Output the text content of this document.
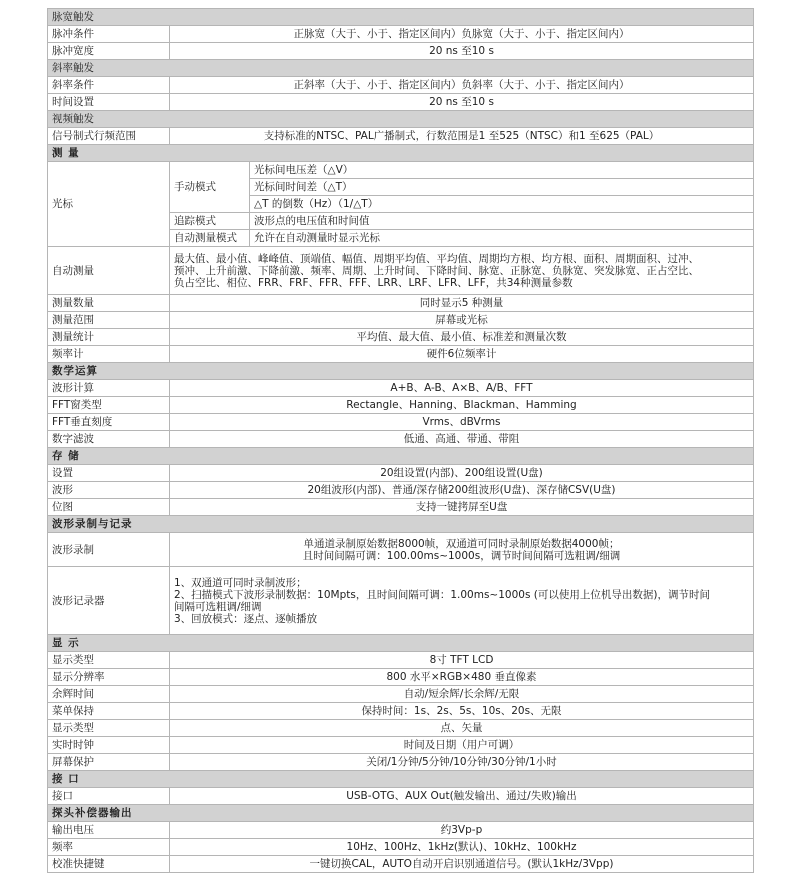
脉宽触发		
脉冲条件	正脉宽（大于、小于、指定区间内）负脉宽（大于、小于、指定区间内）	
脉冲宽度	20 ns 至10 s	
斜率触发		
斜率条件	正斜率（大于、小于、指定区间内）负斜率（大于、小于、指定区间内）	
时间设置	20 ns 至10 s	
视频触发		
信号制式行频范围	支持标准的NTSC、PAL广播制式，行数范围是1 至525（NTSC）和1 至625（PAL）	
测 量		
光标	手动模式	光标间电压差（△V）
		光标间时间差（△T）
		△T 的倒数（Hz）（1/△T）
	追踪模式	波形点的电压值和时间值
	自动测量模式	允许在自动测量时显示光标
自动测量	最大值、最小值、峰峰值、顶端值、幅值、周期平均值、平均值、周期均方根、均方根、面积、周期面积、过冲、
预冲、上升前激、下降前激、频率、周期、上升时间、下降时间、脉宽、正脉宽、负脉宽、突发脉宽、正占空比、
负占空比、相位、FRR、FRF、FFR、FFF、LRR、LRF、LFR、LFF，共34种测量参数	

测量数量	同时显示5 种测量	
测量范围	屏幕或光标	
测量统计	平均值、最大值、最小值、标准差和测量次数	
频率计	硬件6位频率计	
数学运算		
波形计算	A+B、A-B、A×B、A/B、FFT	
FFT窗类型	Rectangle、Hanning、Blackman、Hamming	
FFT垂直刻度	Vrms、dBVrms	
数字滤波	低通、高通、带通、带阻	
存 储		
设置	20组设置(内部)、200组设置(U盘)	
波形	20组波形(内部)、普通/深存储200组波形(U盘)、深存储CSV(U盘)	
位图	支持一键拷屏至U盘	
波形录制与记录		
波形录制	单通道录制原始数据8000帧，双通道可同时录制原始数据4000帧；
且时间间隔可调：100.00ms~1000s，调节时间间隔可选粗调/细调	

波形记录器	1、双通道可同时录制波形；
2、扫描模式下波形录制数据：10Mpts，且时间间隔可调：1.00ms~1000s (可以使用上位机导出数据)，调节时间
间隔可选粗调/细调
3、回放模式：逐点、逐帧播放	

显 示		
显示类型	8寸 TFT LCD	
显示分辨率	800 水平×RGB×480 垂直像素	
余辉时间	自动/短余辉/长余辉/无限	
菜单保持	保持时间：1s、2s、5s、10s、20s、无限	
显示类型	点、矢量	
实时时钟	时间及日期（用户可调）	
屏幕保护	关闭/1分钟/5分钟/10分钟/30分钟/1小时	
接 口		
接口	USB-OTG、AUX Out(触发输出、通过/失败)输出	
探头补偿器输出		
输出电压	约3Vp-p	
频率	10Hz、100Hz、1kHz(默认)、10kHz、100kHz	
校准快捷键	一键切换CAL，AUTO自动开启识别通道信号。(默认1kHz/3Vpp)	
